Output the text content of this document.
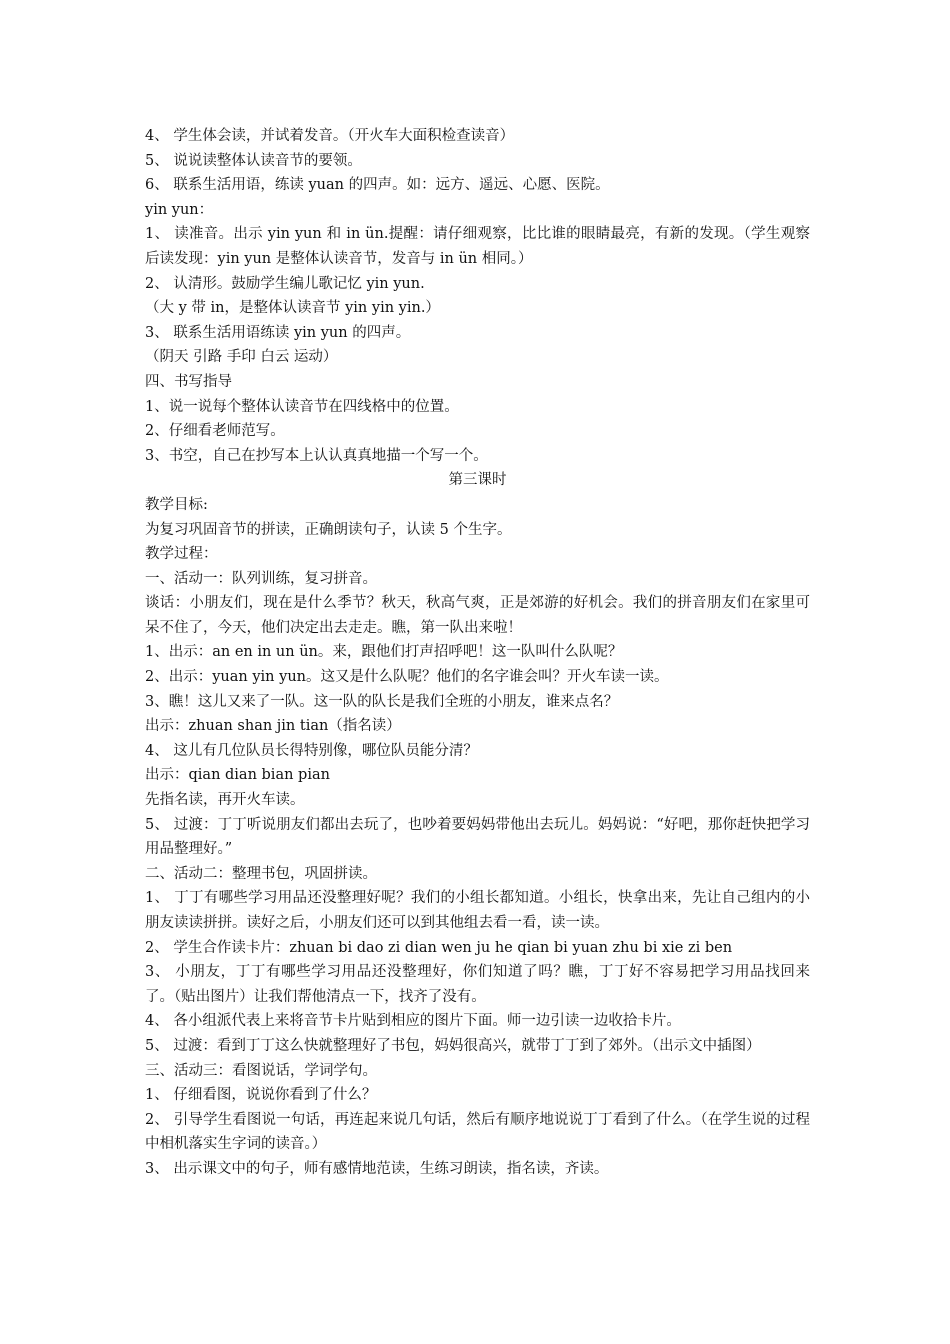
4、 学生体会读，并试着发音。（开火车大面积检查读音）
5、 说说读整体认读音节的要领。
6、 联系生活用语，练读 yuan 的四声。如：远方、遥远、心愿、医院。
yin yun：
1、 读准音。出示 yin yun 和 in ün.提醒：请仔细观察，比比谁的眼睛最亮，有新的发现。（学生观察后读发现：yin yun 是整体认读音节，发音与 in ün 相同。）
2、 认清形。鼓励学生编儿歌记忆 yin yun.
（大 y 带 in，是整体认读音节 yin yin yin.）
3、 联系生活用语练读 yin yun 的四声。
（阴天 引路 手印 白云 运动）
四、书写指导
1、说一说每个整体认读音节在四线格中的位置。
2、仔细看老师范写。
3、书空，自己在抄写本上认认真真地描一个写一个。
第三课时
教学目标:
为复习巩固音节的拼读，正确朗读句子，认读 5 个生字。
教学过程：
一、活动一：队列训练，复习拼音。
谈话：小朋友们，现在是什么季节？秋天，秋高气爽，正是郊游的好机会。我们的拼音朋友们在家里可呆不住了，今天，他们决定出去走走。瞧，第一队出来啦！
1、出示：an en in un ün。来，跟他们打声招呼吧！这一队叫什么队呢？
2、出示：yuan yin yun。这又是什么队呢？他们的名字谁会叫？开火车读一读。
3、瞧！这儿又来了一队。这一队的队长是我们全班的小朋友，谁来点名？
出示：zhuan shan jin tian（指名读）
4、 这儿有几位队员长得特别像，哪位队员能分清？
出示：qian dian bian pian
先指名读，再开火车读。
5、 过渡：丁丁听说朋友们都出去玩了，也吵着要妈妈带他出去玩儿。妈妈说：“好吧，那你赶快把学习用品整理好。”
二、活动二：整理书包，巩固拼读。
1、 丁丁有哪些学习用品还没整理好呢？我们的小组长都知道。小组长，快拿出来，先让自己组内的小朋友读读拼拼。读好之后，小朋友们还可以到其他组去看一看，读一读。
2、 学生合作读卡片：zhuan bi dao zi dian wen ju he qian bi yuan zhu bi xie zi ben
3、 小朋友，丁丁有哪些学习用品还没整理好，你们知道了吗？瞧，丁丁好不容易把学习用品找回来了。（贴出图片）让我们帮他清点一下，找齐了没有。
4、 各小组派代表上来将音节卡片贴到相应的图片下面。师一边引读一边收拾卡片。
5、 过渡：看到丁丁这么快就整理好了书包，妈妈很高兴，就带丁丁到了郊外。（出示文中插图）
三、活动三：看图说话，学词学句。
1、 仔细看图，说说你看到了什么？
2、 引导学生看图说一句话，再连起来说几句话，然后有顺序地说说丁丁看到了什么。（在学生说的过程中相机落实生字词的读音。）
3、 出示课文中的句子，师有感情地范读，生练习朗读，指名读，齐读。
